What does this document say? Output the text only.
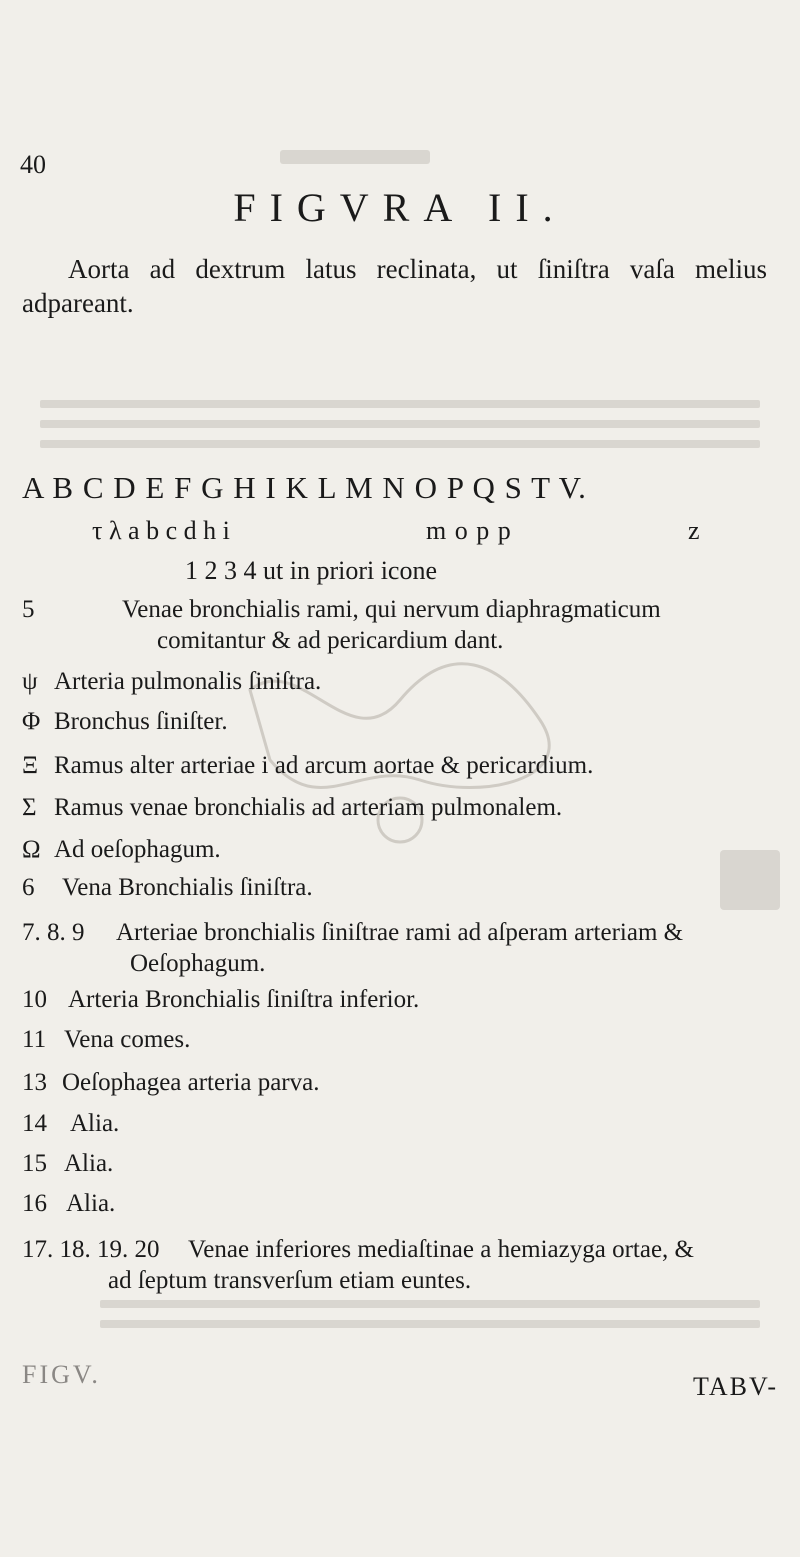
40
FIGVRA II.
Aorta ad dextrum latus reclinata, ut ſiniſtra vaſa melius adpareant.
A B C D E F G H I K L M N O P Q S T V.
τ λ a b c d h i	m o p p	z
1 2 3 4 ut in priori icone
5	Venae bronchialis rami, qui nervum diaphragmaticum
comitantur & ad pericardium dant.
ψ Arteria pulmonalis ſiniſtra.
Φ Bronchus ſiniſter.
Ξ Ramus alter arteriae i ad arcum aortae & pericardium.
Σ Ramus venae bronchialis ad arteriam pulmonalem.
Ω Ad oeſophagum.
6 Vena Bronchialis ſiniſtra.
7. 8. 9 Arteriae bronchialis ſiniſtrae rami ad aſperam arteriam &
Oeſophagum.
10 Arteria Bronchialis ſiniſtra inferior.
11 Vena comes.
13 Oeſophagea arteria parva.
14 Alia.
15 Alia.
16 Alia.
17. 18. 19. 20 Venae inferiores mediaſtinae a hemiazyga ortae, &
ad ſeptum transverſum etiam euntes.
FIGV.	TABV-
